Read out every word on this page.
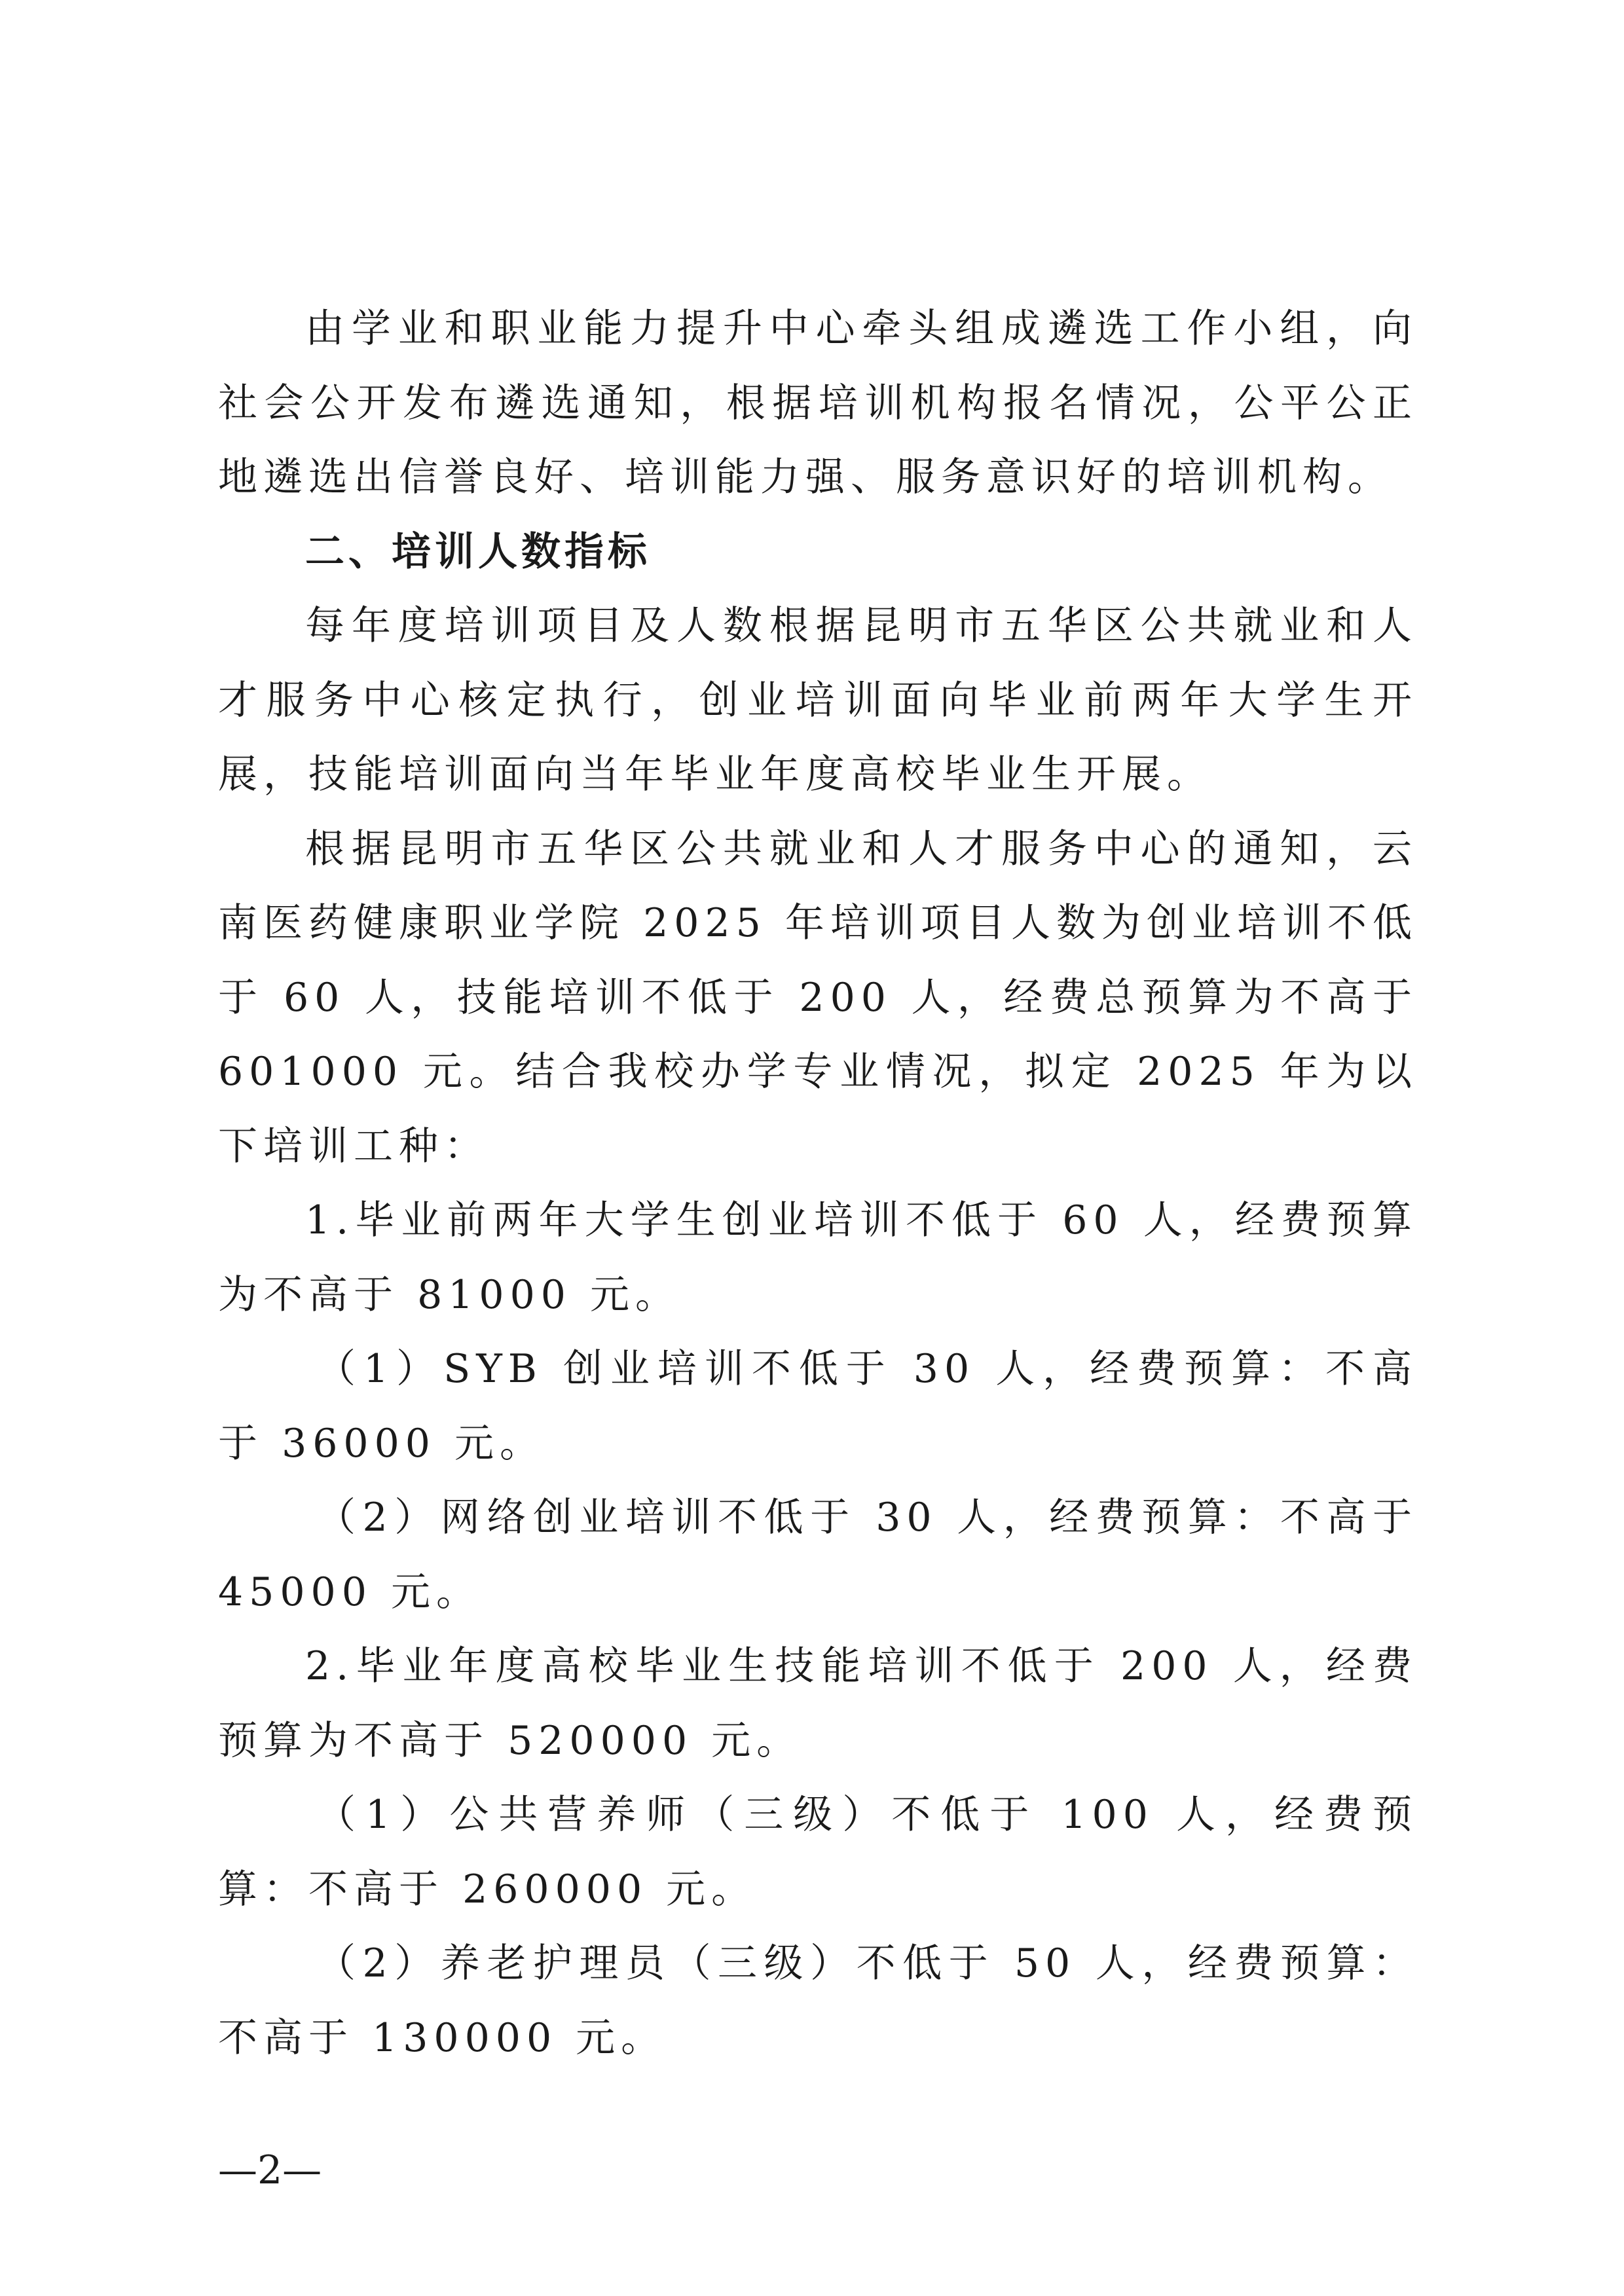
由学业和职业能力提升中心牵头组成遴选工作小组，向社会公开发布遴选通知，根据培训机构报名情况，公平公正地遴选出信誉良好、培训能力强、服务意识好的培训机构。

二、培训人数指标

每年度培训项目及人数根据昆明市五华区公共就业和人才服务中心核定执行，创业培训面向毕业前两年大学生开展，技能培训面向当年毕业年度高校毕业生开展。

根据昆明市五华区公共就业和人才服务中心的通知，云南医药健康职业学院 2025 年培训项目人数为创业培训不低于 60 人，技能培训不低于 200 人，经费总预算为不高于 601000 元。结合我校办学专业情况，拟定 2025 年为以下培训工种：

1.毕业前两年大学生创业培训不低于 60 人，经费预算为不高于 81000 元。

（1）SYB 创业培训不低于 30 人，经费预算：不高于 36000 元。

（2）网络创业培训不低于 30 人，经费预算：不高于 45000 元。

2.毕业年度高校毕业生技能培训不低于 200 人，经费预算为不高于 520000 元。

（1）公共营养师（三级）不低于 100 人，经费预算：不高于 260000 元。

（2）养老护理员（三级）不低于 50 人，经费预算：不高于 130000 元。

—2—
